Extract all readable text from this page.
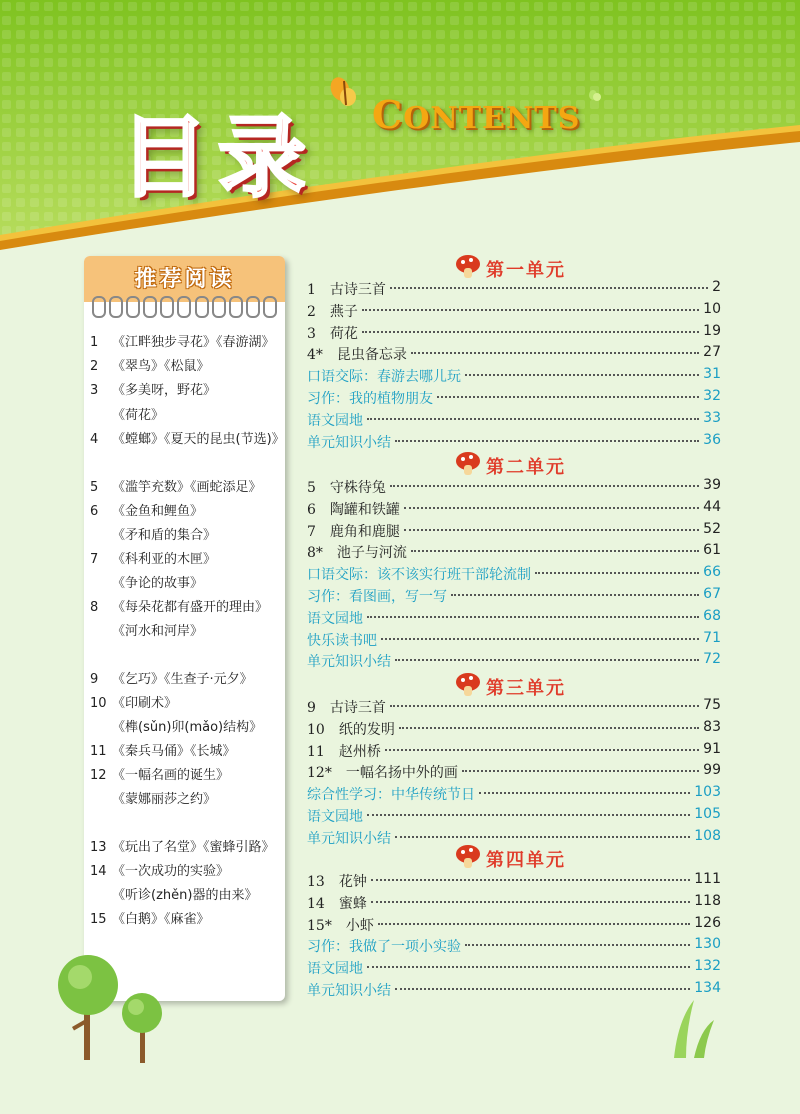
目录 CONTENTS
推荐阅读
1 《江畔独步寻花》《春游湖》
2 《翠鸟》《松鼠》
3 《多美呀，野花》
《荷花》
4 《螳螂》《夏天的昆虫(节选)》
5 《滥竽充数》《画蛇添足》
6 《金鱼和鲤鱼》
《矛和盾的集合》
7 《科利亚的木匣》
《争论的故事》
8 《每朵花都有盛开的理由》
《河水和河岸》
9 《乞巧》《生查子·元夕》
10 《印刷术》
《榫(sǔn)卯(mǎo)结构》
11 《秦兵马俑》《长城》
12 《一幅名画的诞生》
《蒙娜丽莎之约》
13 《玩出了名堂》《蜜蜂引路》
14 《一次成功的实验》
《听诊(zhěn)器的由来》
15 《白鹅》《麻雀》
第一单元
1　古诗三首	2
2　燕子	10
3　荷花	19
4*　昆虫备忘录	27
口语交际：春游去哪儿玩	31
习作：我的植物朋友	32
语文园地	33
单元知识小结	36
第二单元
5　守株待兔	39
6　陶罐和铁罐	44
7　鹿角和鹿腿	52
8*　池子与河流	61
口语交际：该不该实行班干部轮流制	66
习作：看图画，写一写	67
语文园地	68
快乐读书吧	71
单元知识小结	72
第三单元
9　古诗三首	75
10　纸的发明	83
11　赵州桥	91
12*　一幅名扬中外的画	99
综合性学习：中华传统节日	103
语文园地	105
单元知识小结	108
第四单元
13　花钟	111
14　蜜蜂	118
15*　小虾	126
习作：我做了一项小实验	130
语文园地	132
单元知识小结	134
